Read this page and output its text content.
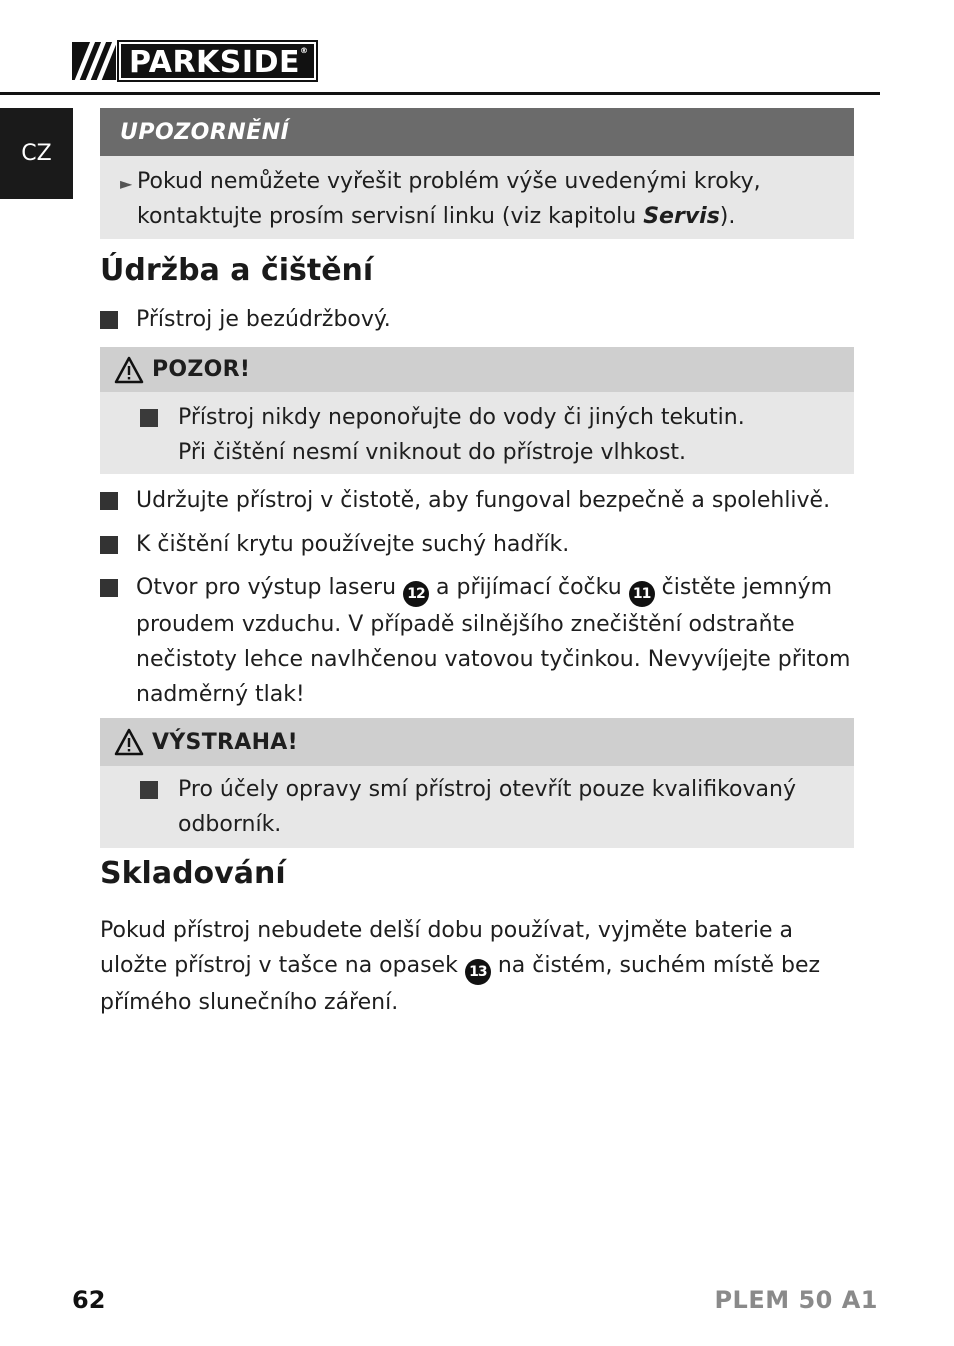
PARKSIDE®
CZ
UPOZORNĚNÍ
► Pokud nemůžete vyřešit problém výše uvedenými kroky, kontaktujte prosím servisní linku (viz kapitolu Servis).
Údržba a čištění
Přístroj je bezúdržbový.
POZOR!
Přístroj nikdy neponořujte do vody či jiných tekutin.
Při čištění nesmí vniknout do přístroje vlhkost.
Udržujte přístroj v čistotě, aby fungoval bezpečně a spolehlivě.
K čištění krytu používejte suchý hadřík.
Otvor pro výstup laseru 12 a přijímací čočku 11 čistěte jemným proudem vzduchu. V případě silnějšího znečištění odstraňte nečistoty lehce navlhčenou vatovou tyčinkou. Nevyvíjejte přitom nadměrný tlak!
VÝSTRAHA!
Pro účely opravy smí přístroj otevřít pouze kvalifikovaný odborník.
Skladování
Pokud přístroj nebudete delší dobu používat, vyjměte baterie a uložte přístroj v tašce na opasek 13 na čistém, suchém místě bez přímého slunečního záření.
62	PLEM 50 A1
